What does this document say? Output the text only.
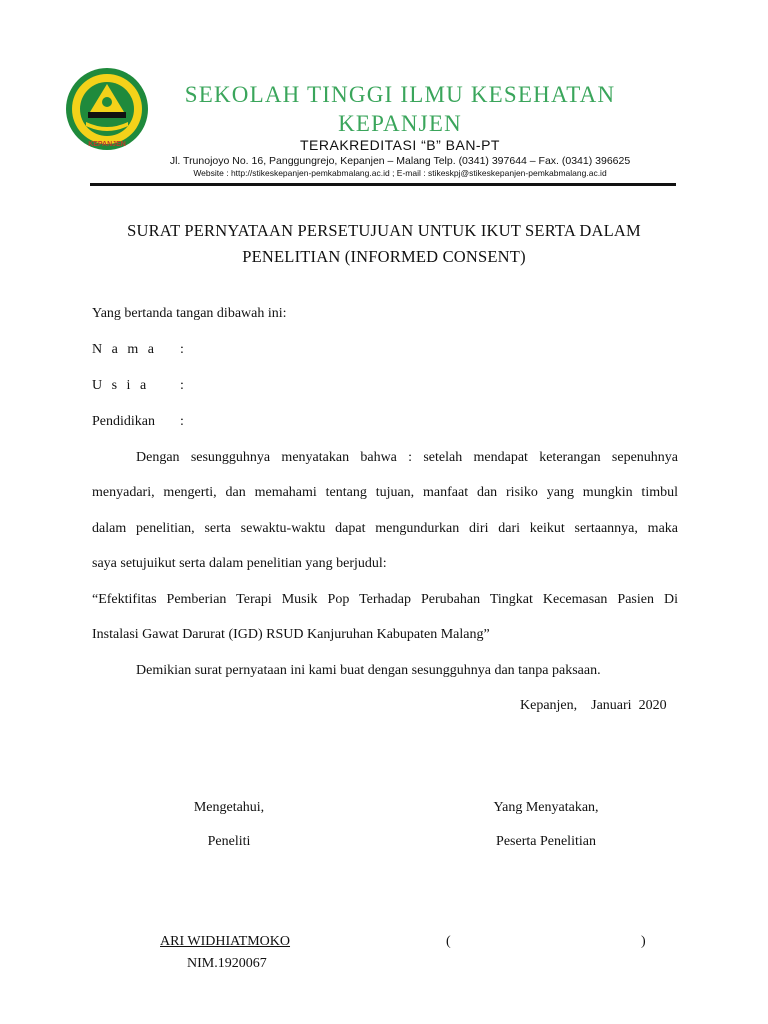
KEPANJEN
SEKOLAH TINGGI ILMU KESEHATAN
KEPANJEN
TERAKREDITASI “B” BAN-PT
Jl. Trunojoyo No. 16, Panggungrejo, Kepanjen – Malang Telp. (0341) 397644 – Fax. (0341) 396625
Website : http://stikeskepanjen-pemkabmalang.ac.id ; E-mail : stikeskpj@stikeskepanjen-pemkabmalang.ac.id
SURAT PERNYATAAN PERSETUJUAN UNTUK IKUT SERTA DALAM
PENELITIAN (INFORMED CONSENT)
Yang bertanda tangan dibawah ini:
N a m a :
U s i a :
Pendidikan :
Dengan sesungguhnya menyatakan bahwa : setelah mendapat keterangan sepenuhnya
menyadari, mengerti, dan memahami tentang tujuan, manfaat dan risiko yang mungkin timbul
dalam penelitian, serta sewaktu-waktu dapat mengundurkan diri dari keikut sertaannya, maka
saya setujuikut serta dalam penelitian yang berjudul:
“Efektifitas Pemberian Terapi Musik Pop Terhadap Perubahan Tingkat Kecemasan Pasien Di
Instalasi Gawat Darurat (IGD) RSUD Kanjuruhan Kabupaten Malang”
Demikian surat pernyataan ini kami buat dengan sesungguhnya dan tanpa paksaan.
Kepanjen,    Januari  2020
Mengetahui,
Peneliti
Yang Menyatakan,
Peserta Penelitian
ARI WIDHIATMOKO
NIM.1920067
(	)
